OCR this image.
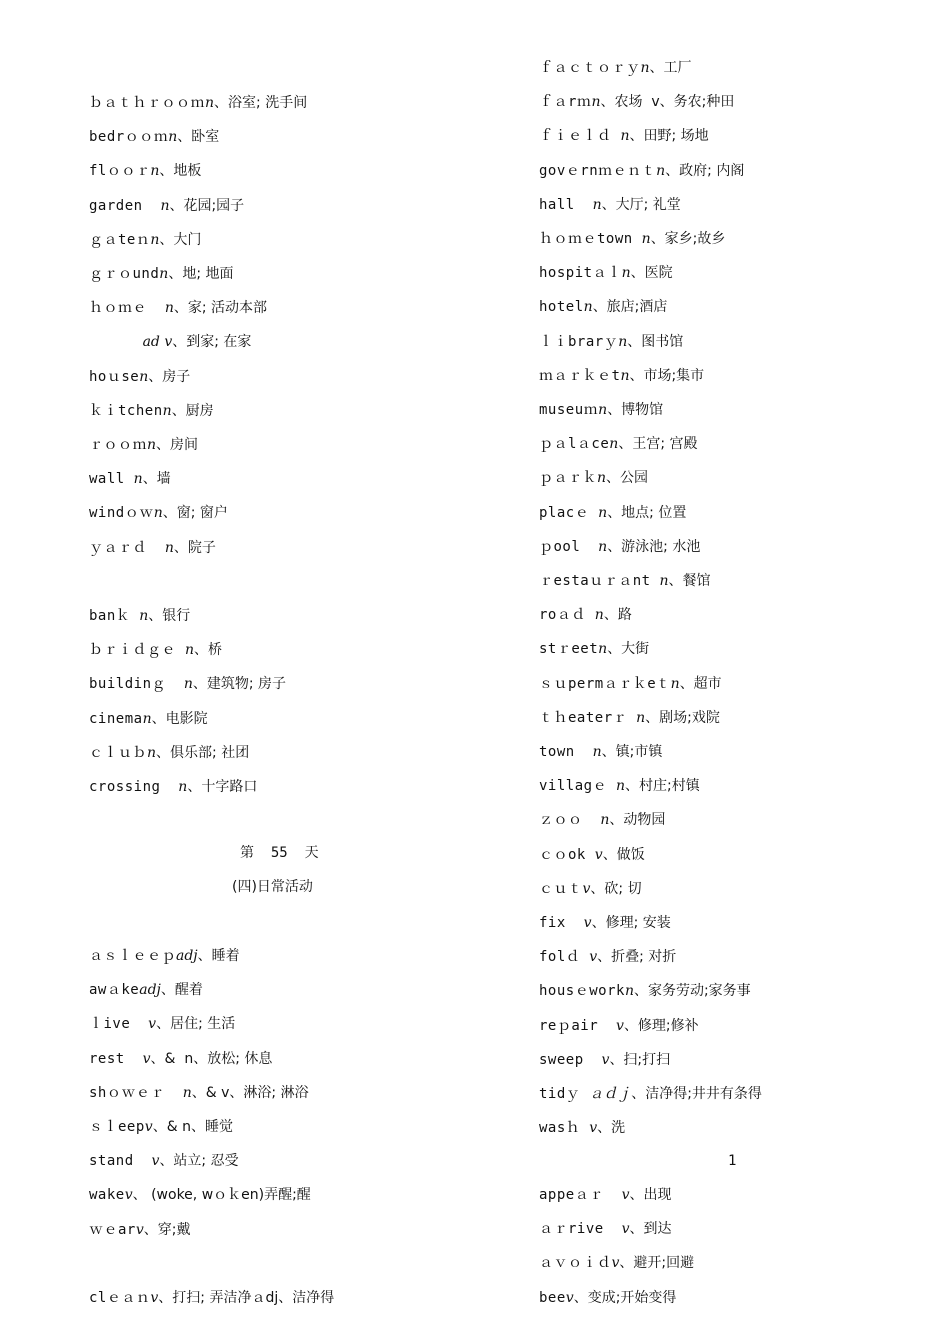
ｂａｔｈｒｏｏｍn、浴室; 洗手间
bedrｏｏｍn、卧室
flｏｏｒn、地板
garden  n、花园;园子
ｇａteｎn、大门
ｇｒｏundn、地; 地面
ｈｏｍｅ  n、家; 活动本部
ad v、到家; 在家
hoｕsen、房子
ｋｉtchenn、厨房
ｒｏｏｍn、房间
wall n、墙
windｏｗn、窗; 窗户
ｙａｒｄ  n、院子
banｋ n、银行
ｂｒｉｄｇｅ n、桥
buildinｇ  n、建筑物; 房子
cineman、电影院
ｃｌｕｂn、俱乐部; 社团
crossing  n、十字路口
ａｓｌｅｅｐadj、睡着
awａkeadj、醒着
ｌive  v、居住; 生活
rest  v、&  n、放松; 休息
shｏｗｅｒ  n、& v、淋浴; 淋浴
ｓｌeepv、& n、睡觉
stand  v、站立; 忍受
wakev、 (woke, wｏｋen)弄醒;醒
ｗｅarv、穿;戴
clｅａｎv、打扫; 弄洁净ａdj、洁净得
ｆａｃｔｏｒｙn、工厂
ｆａrｍn、农场  v、务农;种田
ｆｉｅｌｄ n、田野; 场地
govｅrnｍｅｎｔn、政府; 内阁
hall  n、大厅; 礼堂
ｈｏｍｅtown n、家乡;故乡
hospitａｌn、医院
hoteln、旅店;酒店
ｌｉbrarｙn、图书馆
ｍａｒｋｅtn、市场;集市
museuｍn、博物馆
ｐａlａcen、王宫; 宫殿
ｐａｒｋn、公园
placｅ n、地点; 位置
ｐool  n、游泳池; 水池
ｒestaｕｒａnt n、餐馆
roａｄ n、路
stｒeetn、大街
ｓｕpermａｒｋeｔn、超市
ｔｈeaterｒ n、剧场;戏院
town  n、镇;市镇
villagｅ n、村庄;村镇
ｚｏｏ  n、动物园
ｃｏok v、做饭
ｃｕｔv、砍; 切
fix  v、修理; 安装
folｄ v、折叠; 对折
housｅworkn、家务劳动;家务事
reｐair  v、修理;修补
sweep  v、扫;打扫
tidｙ ａｄｊ、洁净得;井井有条得
wasｈ v、洗
appeａｒ  v、出现
ａｒrive  v、到达
ａｖｏｉｄv、避开;回避
beev、变成;开始变得
第  55  天
(四)日常活动
1
